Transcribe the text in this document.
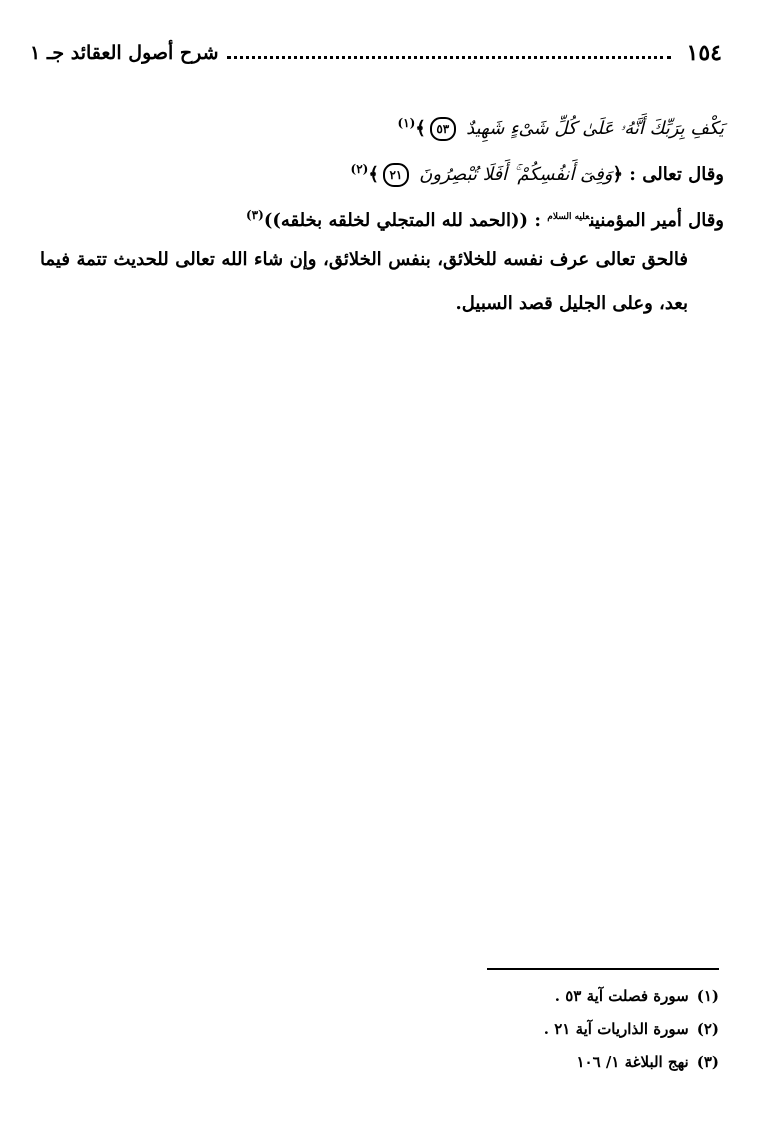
١٥٤
شرح أصول العقائد جـ ١
يَكْفِ بِرَبِّكَ أَنَّهُۥ عَلَىٰ كُلِّ شَىْءٍ شَهِيدٌ ٥٣﴾$^{(١)}$
وقال تعالى : ﴿وَفِىٓ أَنفُسِكُمْ ۚ أَفَلَا تُبْصِرُونَ ٢١﴾$^{(٢)}$
وقال أمير المؤمنين$^{عليه السلام}$ : ((الحمد لله المتجلي لخلقه بخلقه))$^{(٣)}$
فالحق تعالى عرف نفسه للخلائق، بنفس الخلائق، وإن شاء الله تعالى للحديث تتمة فيما بعد، وعلى الجليل قصد السبيل.
(١)سورة فصلت آية ٥٣ .
(٢)سورة الذاريات آية ٢١ .
(٣)نهج البلاغة ١/ ١٠٦
